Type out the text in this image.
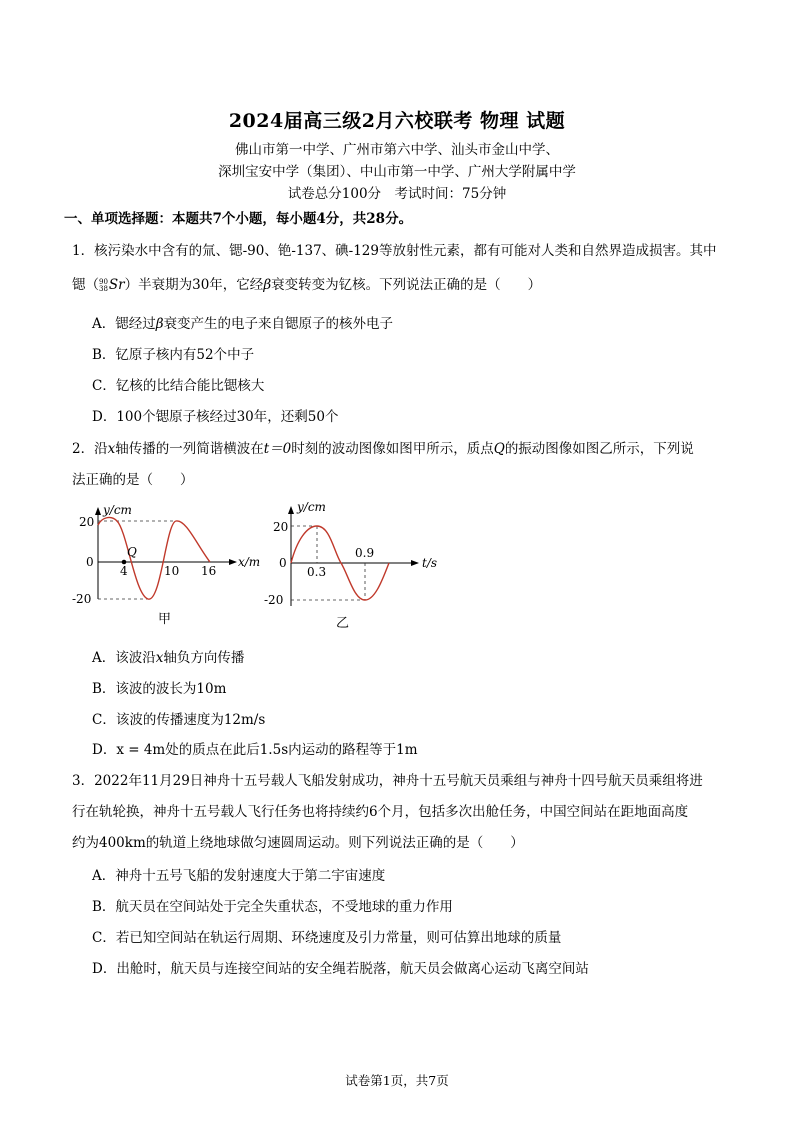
2024届高三级2月六校联考 物理 试题
佛山市第一中学、广州市第六中学、汕头市金山中学、
深圳宝安中学（集团）、中山市第一中学、广州大学附属中学
试卷总分100分　考试时间：75分钟
一、单项选择题：本题共7个小题，每小题4分，共28分。
1．核污染水中含有的氚、锶-90、铯-137、碘-129等放射性元素，都有可能对人类和自然界造成损害。其中
锶（90
38Sr）半衰期为30年，它经β衰变转变为钇核。下列说法正确的是（　　）
A．锶经过β衰变产生的电子来自锶原子的核外电子
B．钇原子核内有52个中子
C．钇核的比结合能比锶核大
D．100个锶原子核经过30年，还剩50个
2．沿x轴传播的一列简谐横波在t＝0时刻的波动图像如图甲所示，质点Q的振动图像如图乙所示，下列说
法正确的是（　　）
y/cm
20
0
-20
Q
4	10 16
x/m
甲
y/cm
20
0
-20
0.3
0.9
t/s
乙
A．该波沿x轴负方向传播
B．该波的波长为10m
C．该波的传播速度为12m/s
D．x = 4m处的质点在此后1.5s内运动的路程等于1m
3．2022年11月29日神舟十五号载人飞船发射成功，神舟十五号航天员乘组与神舟十四号航天员乘组将进
行在轨轮换，神舟十五号载人飞行任务也将持续约6个月，包括多次出舱任务，中国空间站在距地面高度
约为400km的轨道上绕地球做匀速圆周运动。则下列说法正确的是（　　）
A．神舟十五号飞船的发射速度大于第二宇宙速度
B．航天员在空间站处于完全失重状态，不受地球的重力作用
C．若已知空间站在轨运行周期、环绕速度及引力常量，则可估算出地球的质量
D．出舱时，航天员与连接空间站的安全绳若脱落，航天员会做离心运动飞离空间站
试卷第1页，共7页
